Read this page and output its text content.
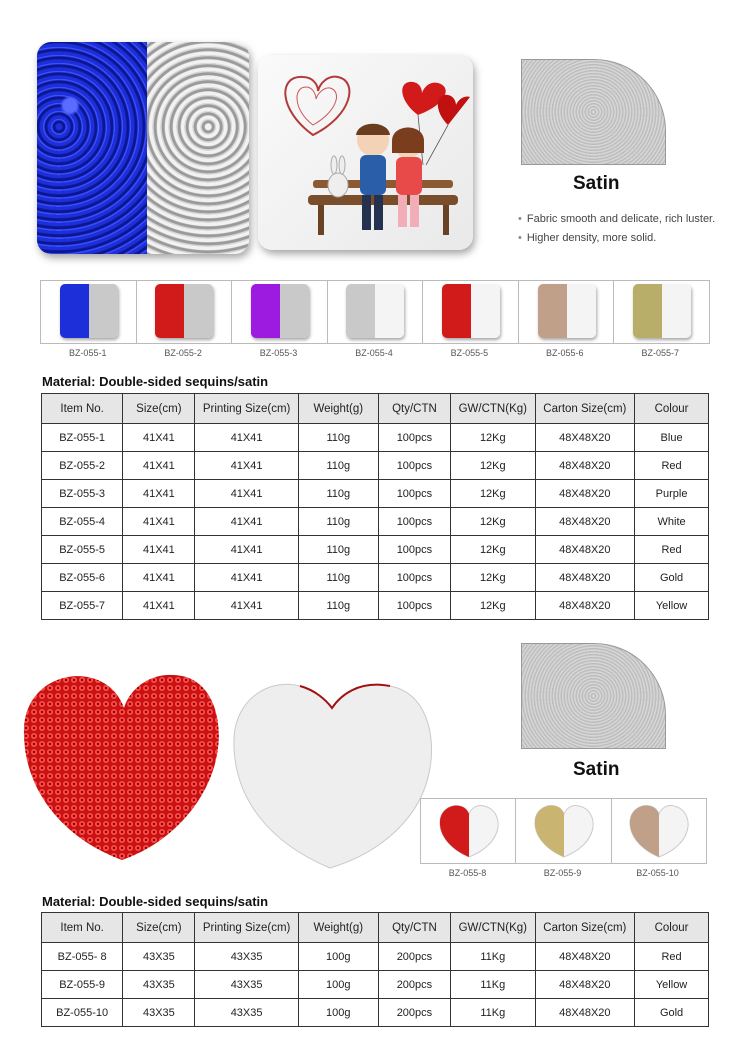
Satin
• Fabric smooth and delicate, rich luster.
• Higher density, more solid.
BZ-055-1	BZ-055-2	BZ-055-3	BZ-055-4	BZ-055-5	BZ-055-6	BZ-055-7
Material: Double-sided sequins/satin
Item No.	Size(cm)	Printing Size(cm)	Weight(g)	Qty/CTN	GW/CTN(Kg)	Carton Size(cm)	Colour
BZ-055-1	41X41	41X41	110g	100pcs	12Kg	48X48X20	Blue
BZ-055-2	41X41	41X41	110g	100pcs	12Kg	48X48X20	Red
BZ-055-3	41X41	41X41	110g	100pcs	12Kg	48X48X20	Purple
BZ-055-4	41X41	41X41	110g	100pcs	12Kg	48X48X20	White
BZ-055-5	41X41	41X41	110g	100pcs	12Kg	48X48X20	Red
BZ-055-6	41X41	41X41	110g	100pcs	12Kg	48X48X20	Gold
BZ-055-7	41X41	41X41	110g	100pcs	12Kg	48X48X20	Yellow
Satin
BZ-055-8	BZ-055-9	BZ-055-10
Material: Double-sided sequins/satin
Item No.	Size(cm)	Printing Size(cm)	Weight(g)	Qty/CTN	GW/CTN(Kg)	Carton Size(cm)	Colour
BZ-055- 8	43X35	43X35	100g	200pcs	11Kg	48X48X20	Red
BZ-055-9	43X35	43X35	100g	200pcs	11Kg	48X48X20	Yellow
BZ-055-10	43X35	43X35	100g	200pcs	11Kg	48X48X20	Gold
